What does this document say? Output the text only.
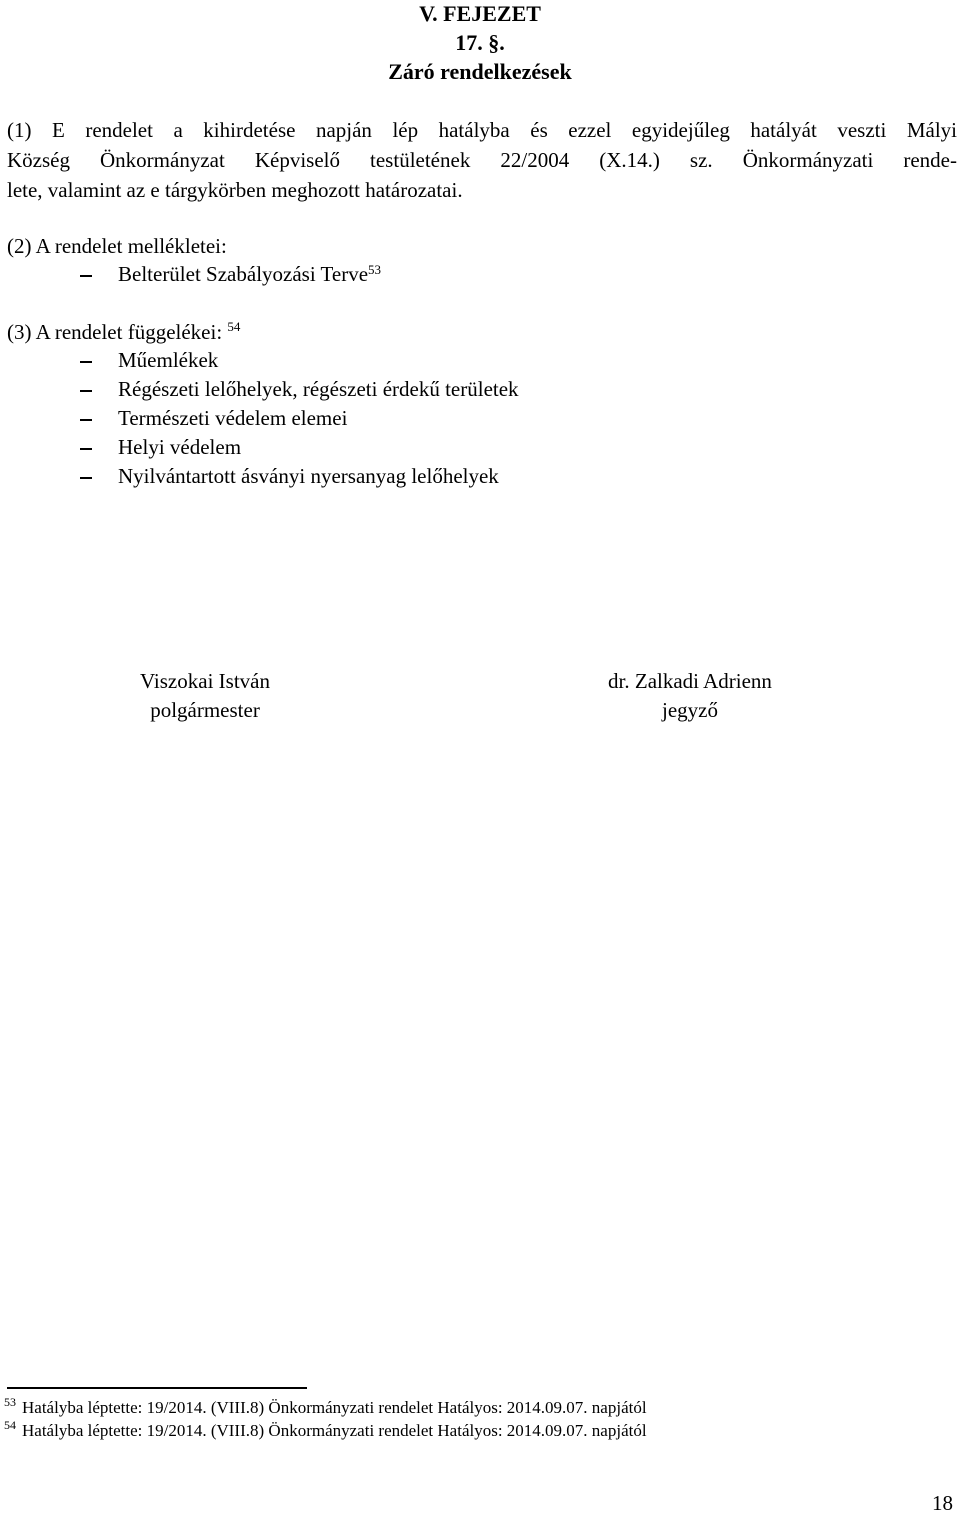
V. FEJEZET
17. §.
Záró rendelkezések
(1) E rendelet a kihirdetése napján lép hatályba és ezzel egyidejűleg hatályát veszti Mályi
Község Önkormányzat Képviselő testületének 22/2004 (X.14.) sz. Önkormányzati rende-
lete, valamint az e tárgykörben meghozott határozatai.
(2) A rendelet mellékletei:
Belterület Szabályozási Terve$^{53}$
(3) A rendelet függelékei: $^{54}$
Műemlékek
Régészeti lelőhelyek, régészeti érdekű területek
Természeti védelem elemei
Helyi védelem
Nyilvántartott ásványi nyersanyag lelőhelyek
Viszokai István
polgármester
dr. Zalkadi Adrienn
jegyző
53 Hatályba léptette: 19/2014. (VIII.8) Önkormányzati rendelet Hatályos: 2014.09.07. napjától
54 Hatályba léptette: 19/2014. (VIII.8) Önkormányzati rendelet Hatályos: 2014.09.07. napjától
18
